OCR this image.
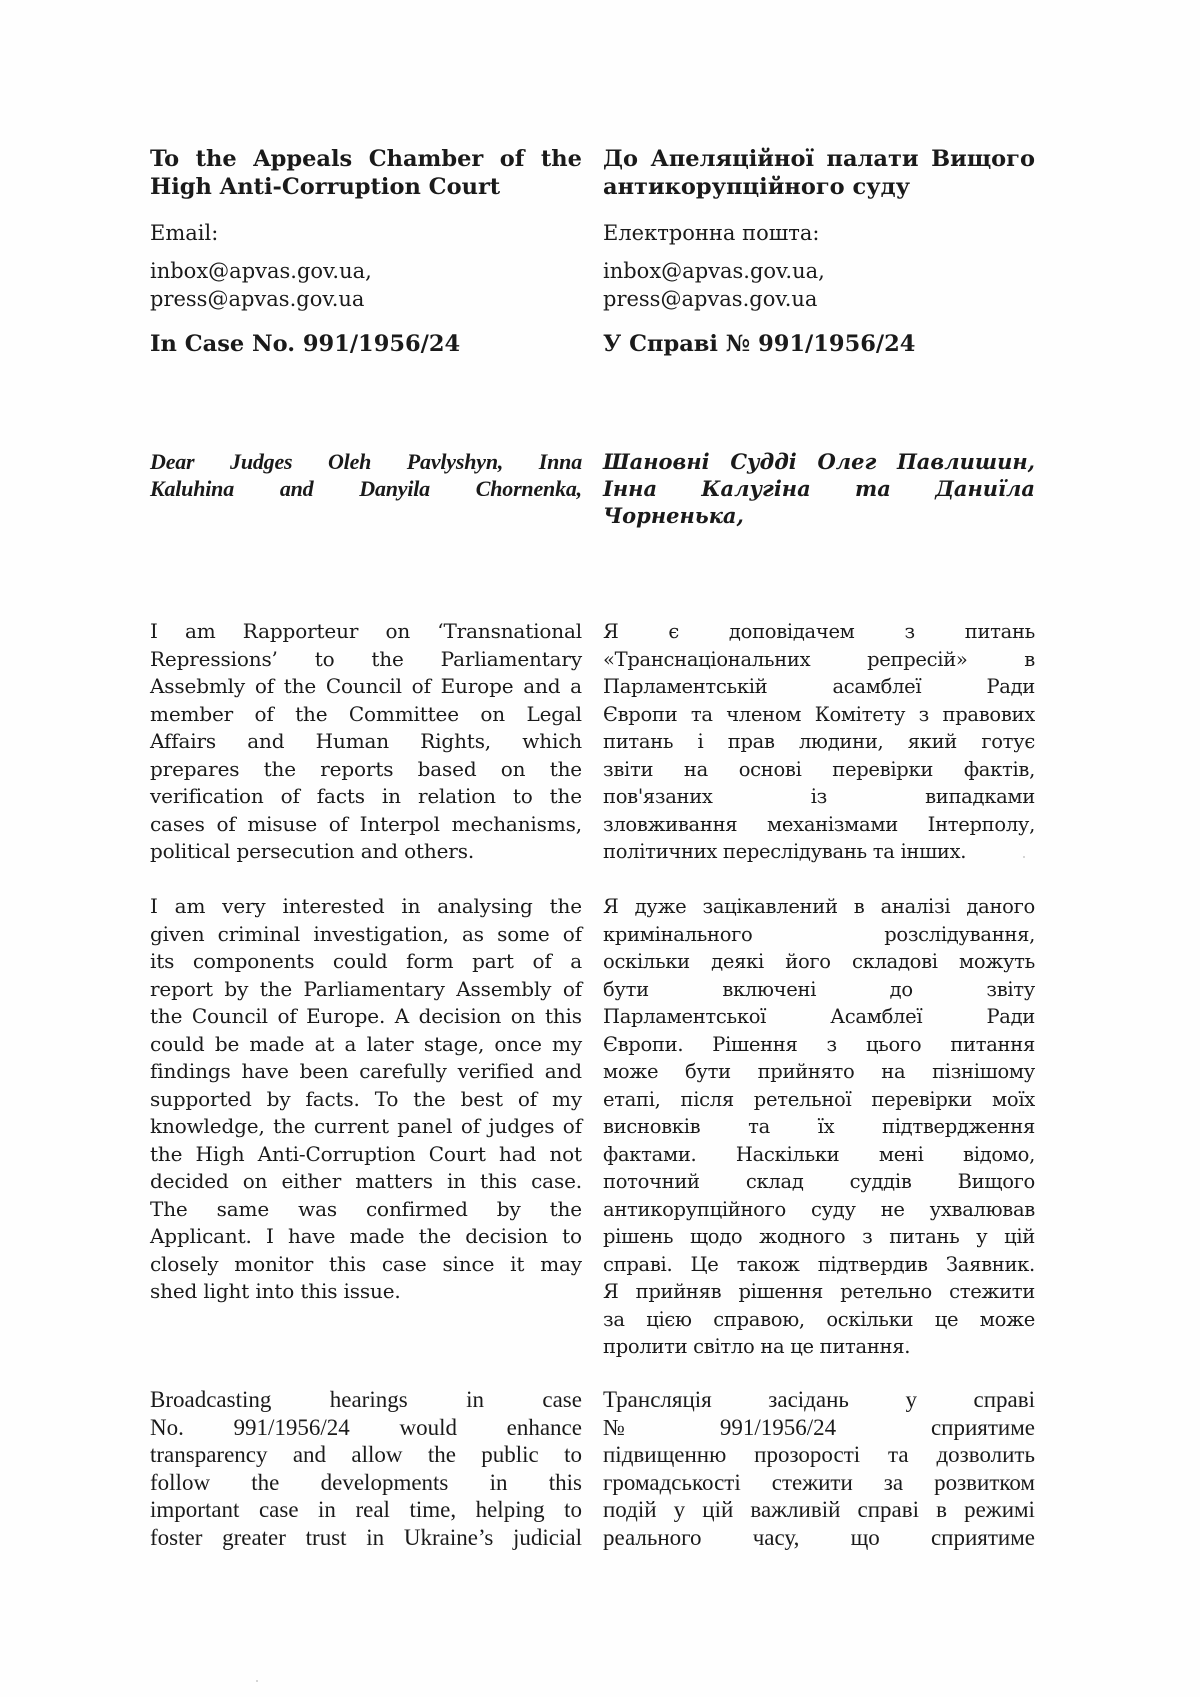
To the Appeals Chamber of the
High Anti-Corruption Court
До Апеляційної палати Вищого
антикорупційного суду
Email:
inbox@apvas.gov.ua,
press@apvas.gov.ua
Електронна пошта:
inbox@apvas.gov.ua,
press@apvas.gov.ua
In Case No. 991/1956/24	У Справі № 991/1956/24
Dear Judges Oleh Pavlyshyn, Inna
Kaluhina and Danyila Chornenka,
Шановні Судді Олег Павлишин,
Інна Калугіна та Даниїла
Чорненька,
I am Rapporteur on ‘Transnational
Repressions’ to the Parliamentary
Assebmly of the Council of Europe and a
member of the Committee on Legal
Affairs and Human Rights, which
prepares the reports based on the
verification of facts in relation to the
cases of misuse of Interpol mechanisms,
political persecution and others.
Я	є	доповідачем	з	питань
«Транснаціональних	репресій»	в
Парламентській	асамблеї	Ради
Європи та членом Комітету з правових
питань і прав людини, який готує
звіти на основі перевірки фактів,
пов'язаних	із	випадками
зловживання механізмами Інтерполу,
політичних переслідувань та інших.
I am very interested in analysing the
given criminal investigation, as some of
its components could form part of a
report by the Parliamentary Assembly of
the Council of Europe. A decision on this
could be made at a later stage, once my
findings have been carefully verified and
supported by facts. To the best of my
knowledge, the current panel of judges of
the High Anti-Corruption Court had not
decided on either matters in this case.
The same was confirmed by the
Applicant. I have made the decision to
closely monitor this case since it may
shed light into this issue.
Я дуже зацікавлений в аналізі даного
кримінального	розслідування,
оскільки деякі його складові можуть
бути	включені	до	звіту
Парламентської	Асамблеї	Ради
Європи. Рішення з цього питання
може бути прийнято на пізнішому
етапі, після ретельної перевірки моїх
висновків та їх підтвердження
фактами. Наскільки мені відомо,
поточний склад суддів Вищого
антикорупційного суду не ухвалював
рішень щодо жодного з питань у цій
справі. Це також підтвердив Заявник.
Я прийняв рішення ретельно стежити
за цією справою, оскільки це може
пролити світло на це питання.
Broadcasting	hearings	in	case
No. 991/1956/24 would enhance
transparency and allow the public to
follow the developments in this
important case in real time, helping to
foster greater trust in Ukraine’s judicial
Трансляція засідань у справі
№	991/1956/24	сприятиме
підвищенню прозорості та дозволить
громадськості стежити за розвитком
подій у цій важливій справі в режимі
реального часу, що сприятиме
